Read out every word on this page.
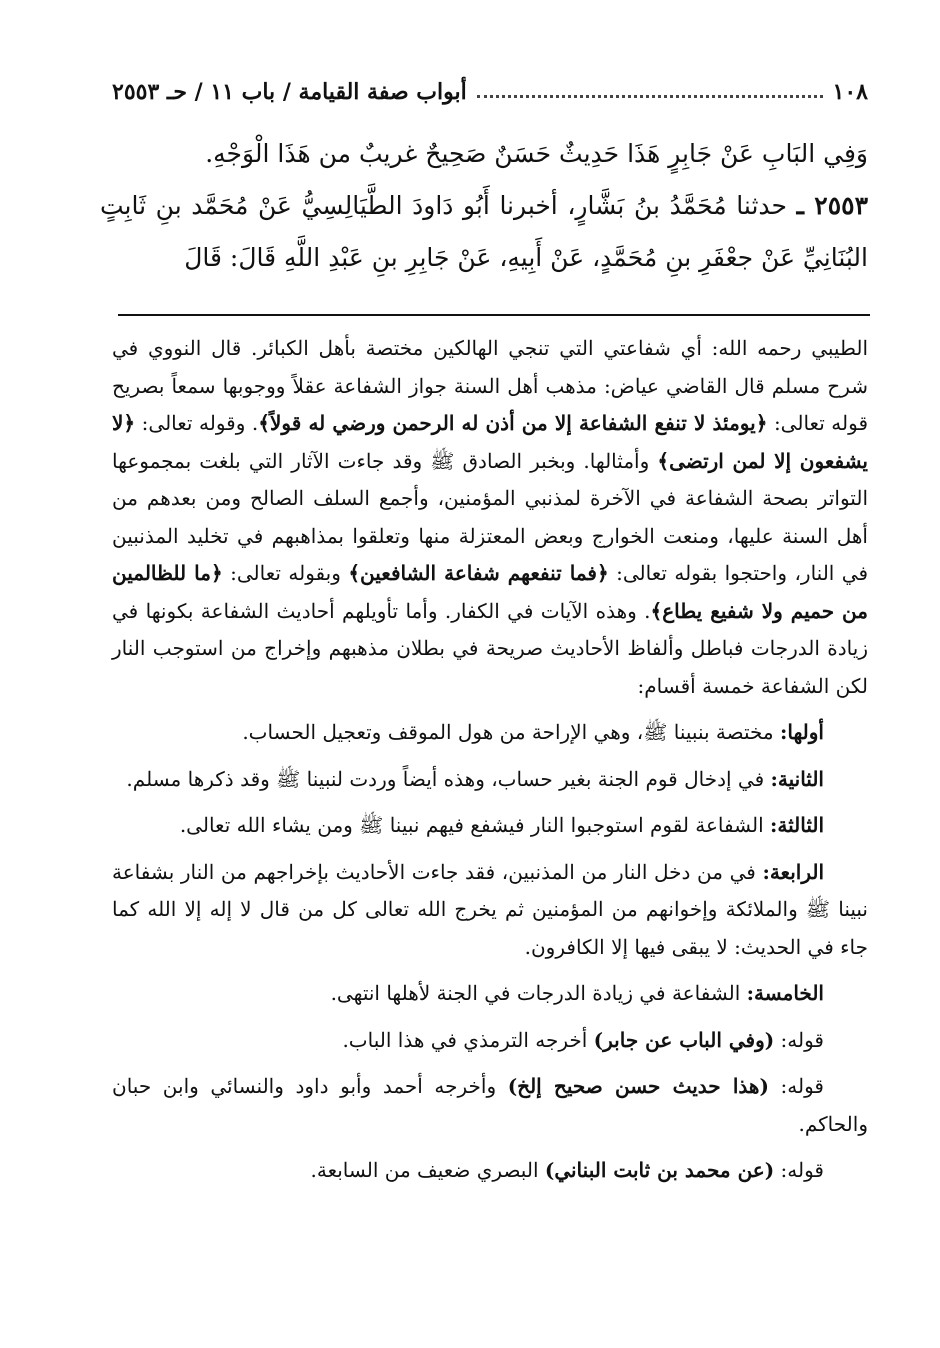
١٠٨
أبواب صفة القيامة / باب ١١ / حـ ٢٥٥٣

وَفِي البَابِ عَنْ جَابِرٍ هَذَا حَدِيثٌ حَسَنٌ صَحِيحٌ غريبٌ من هَذَا الْوَجْهِ.

٢٥٥٣ ـ حدثنا مُحَمَّدُ بنُ بَشَّارٍ، أخبرنا أَبُو دَاودَ الطَّيَالِسِيُّ عَنْ مُحَمَّد بنِ ثَابِتٍ البُنَانِيِّ عَنْ جعْفَرِ بنِ مُحَمَّدٍ، عَنْ أَبِيهِ، عَنْ جَابِرِ بنِ عَبْدِ اللَّهِ قَالَ: قَالَ

الطيبي رحمه الله: أي شفاعتي التي تنجي الهالكين مختصة بأهل الكبائر. قال النووي في شرح مسلم قال القاضي عياض: مذهب أهل السنة جواز الشفاعة عقلاً ووجوبها سمعاً بصريح قوله تعالى: ﴿يومئذ لا تنفع الشفاعة إلا من أذن له الرحمن ورضي له قولاً﴾. وقوله تعالى: ﴿لا يشفعون إلا لمن ارتضى﴾ وأمثالها. وبخبر الصادق ﷺ وقد جاءت الآثار التي بلغت بمجموعها التواتر بصحة الشفاعة في الآخرة لمذنبي المؤمنين، وأجمع السلف الصالح ومن بعدهم من أهل السنة عليها، ومنعت الخوارج وبعض المعتزلة منها وتعلقوا بمذاهبهم في تخليد المذنبين في النار، واحتجوا بقوله تعالى: ﴿فما تنفعهم شفاعة الشافعين﴾ وبقوله تعالى: ﴿ما للظالمين من حميم ولا شفيع يطاع﴾. وهذه الآيات في الكفار. وأما تأويلهم أحاديث الشفاعة بكونها في زيادة الدرجات فباطل وألفاظ الأحاديث صريحة في بطلان مذهبهم وإخراج من استوجب النار لكن الشفاعة خمسة أقسام:

أولها: مختصة بنبينا ﷺ، وهي الإراحة من هول الموقف وتعجيل الحساب.

الثانية: في إدخال قوم الجنة بغير حساب، وهذه أيضاً وردت لنبينا ﷺ وقد ذكرها مسلم.

الثالثة: الشفاعة لقوم استوجبوا النار فيشفع فيهم نبينا ﷺ ومن يشاء الله تعالى.

الرابعة: في من دخل النار من المذنبين، فقد جاءت الأحاديث بإخراجهم من النار بشفاعة نبينا ﷺ والملائكة وإخوانهم من المؤمنين ثم يخرج الله تعالى كل من قال لا إله إلا الله كما جاء في الحديث: لا يبقى فيها إلا الكافرون.

الخامسة: الشفاعة في زيادة الدرجات في الجنة لأهلها انتهى.

قوله: (وفي الباب عن جابر) أخرجه الترمذي في هذا الباب.

قوله: (هذا حديث حسن صحيح إلخ) وأخرجه أحمد وأبو داود والنسائي وابن حبان والحاكم.

قوله: (عن محمد بن ثابت البناني) البصري ضعيف من السابعة.
